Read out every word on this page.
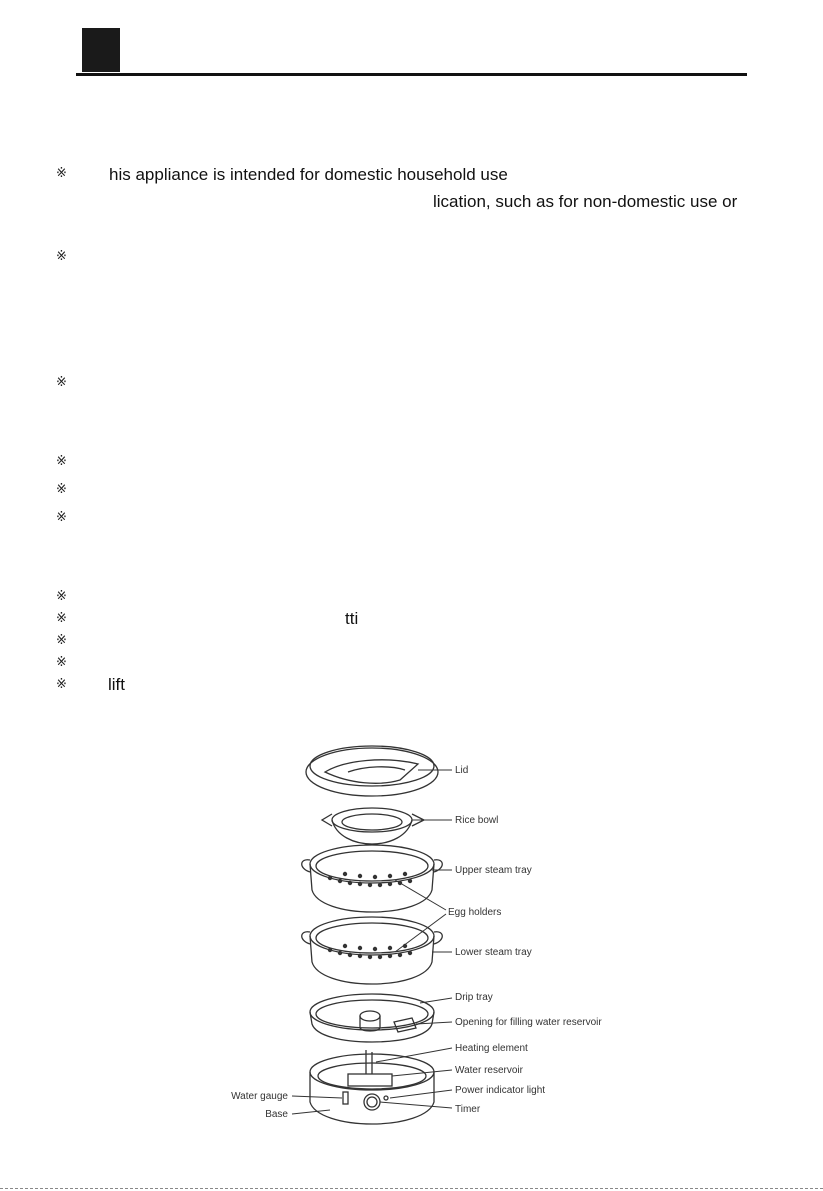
※
※
※
※
※
※
※
※
※
※
※
his appliance is intended for domestic household use
lication, such as for non-domestic use or
tti
lift
Lid
Rice bowl
Upper steam tray
Egg holders
Lower steam tray
Drip tray
Opening for filling water reservoir
Heating element
Water reservoir
Power indicator light
Timer
Water gauge
Base
